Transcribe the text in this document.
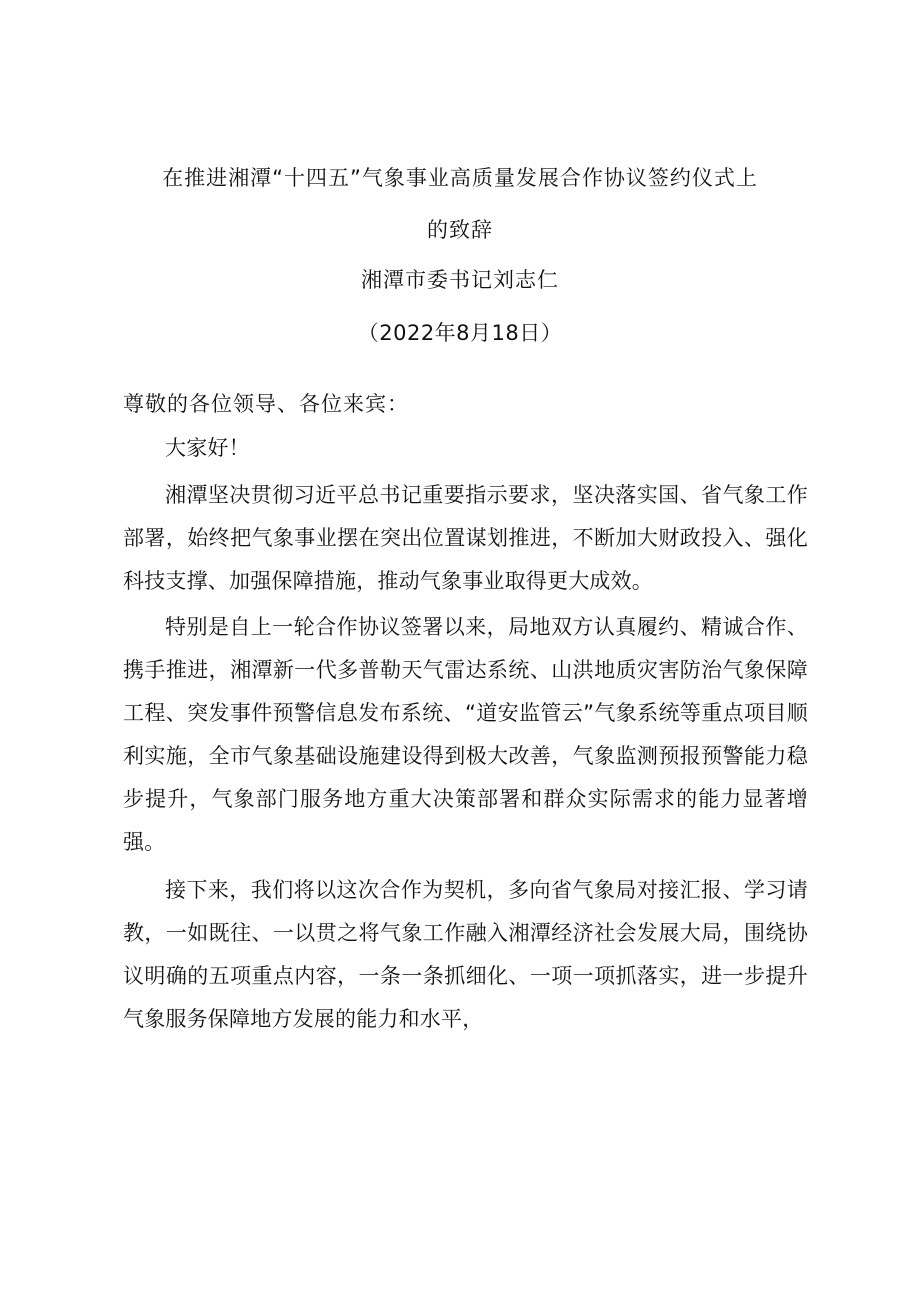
在推进湘潭“十四五”气象事业高质量发展合作协议签约仪式上
的致辞
湘潭市委书记刘志仁
（2022年8月18日）

尊敬的各位领导、各位来宾：

大家好！

湘潭坚决贯彻习近平总书记重要指示要求，坚决落实国、省气象工作部署，始终把气象事业摆在突出位置谋划推进，不断加大财政投入、强化科技支撑、加强保障措施，推动气象事业取得更大成效。

特别是自上一轮合作协议签署以来，局地双方认真履约、精诚合作、携手推进，湘潭新一代多普勒天气雷达系统、山洪地质灾害防治气象保障工程、突发事件预警信息发布系统、“道安监管云”气象系统等重点项目顺利实施，全市气象基础设施建设得到极大改善，气象监测预报预警能力稳步提升，气象部门服务地方重大决策部署和群众实际需求的能力显著增强。

接下来，我们将以这次合作为契机，多向省气象局对接汇报、学习请教，一如既往、一以贯之将气象工作融入湘潭经济社会发展大局，围绕协议明确的五项重点内容，一条一条抓细化、一项一项抓落实，进一步提升气象服务保障地方发展的能力和水平，
